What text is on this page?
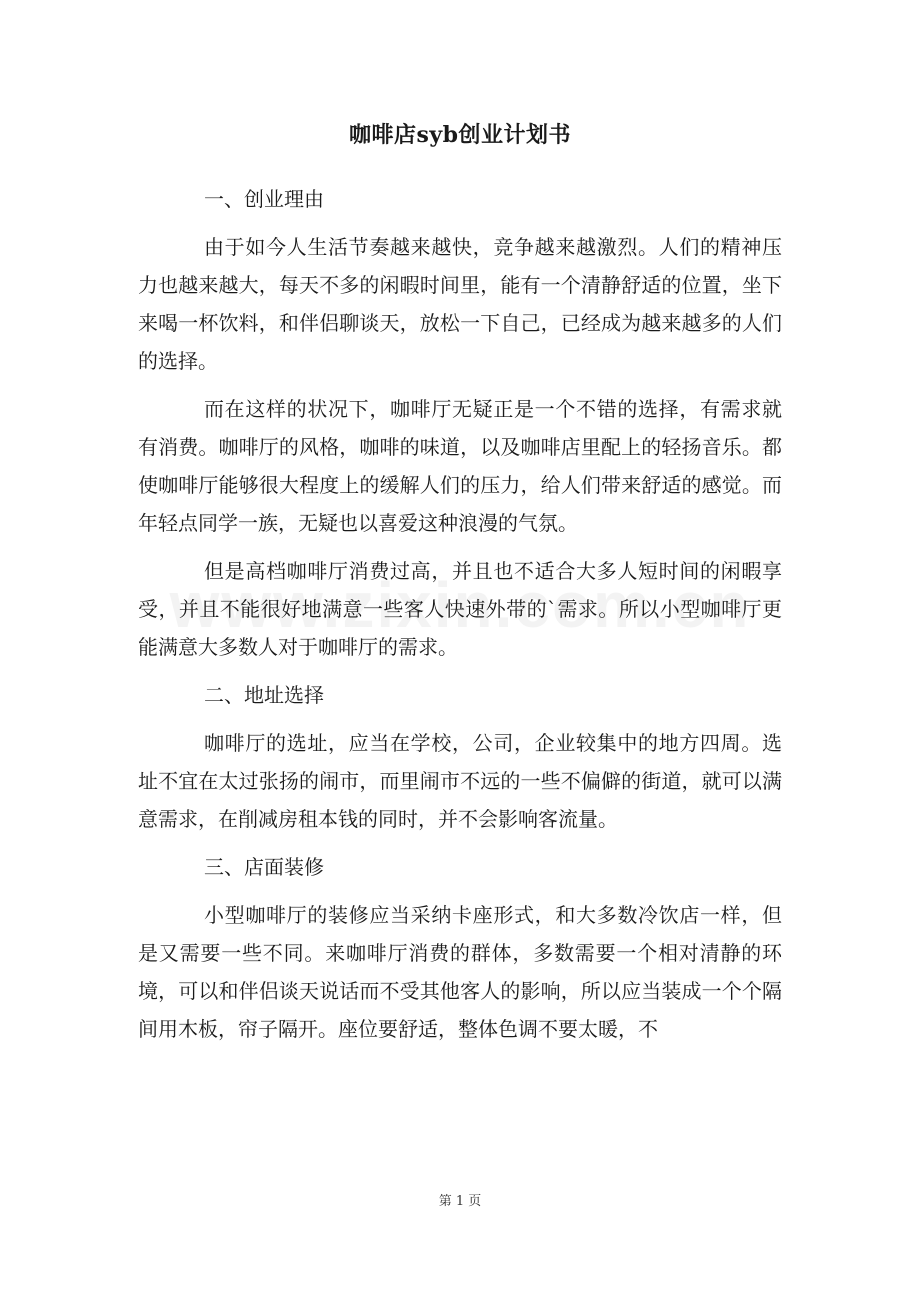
咖啡店syb创业计划书
一、创业理由
由于如今人生活节奏越来越快，竞争越来越激烈。人们的精神压力也越来越大，每天不多的闲暇时间里，能有一个清静舒适的位置，坐下来喝一杯饮料，和伴侣聊谈天，放松一下自己，已经成为越来越多的人们的选择。
而在这样的状况下，咖啡厅无疑正是一个不错的选择，有需求就有消费。咖啡厅的风格，咖啡的味道，以及咖啡店里配上的轻扬音乐。都使咖啡厅能够很大程度上的缓解人们的压力，给人们带来舒适的感觉。而年轻点同学一族，无疑也以喜爱这种浪漫的气氛。
但是高档咖啡厅消费过高，并且也不适合大多人短时间的闲暇享受，并且不能很好地满意一些客人快速外带的`需求。所以小型咖啡厅更能满意大多数人对于咖啡厅的需求。
二、地址选择
咖啡厅的选址，应当在学校，公司，企业较集中的地方四周。选址不宜在太过张扬的闹市，而里闹市不远的一些不偏僻的街道，就可以满意需求，在削减房租本钱的同时，并不会影响客流量。
三、店面装修
小型咖啡厅的装修应当采纳卡座形式，和大多数冷饮店一样，但是又需要一些不同。来咖啡厅消费的群体，多数需要一个相对清静的环境，可以和伴侣谈天说话而不受其他客人的影响，所以应当装成一个个隔间用木板，帘子隔开。座位要舒适，整体色调不要太暖，不
第 1 页
